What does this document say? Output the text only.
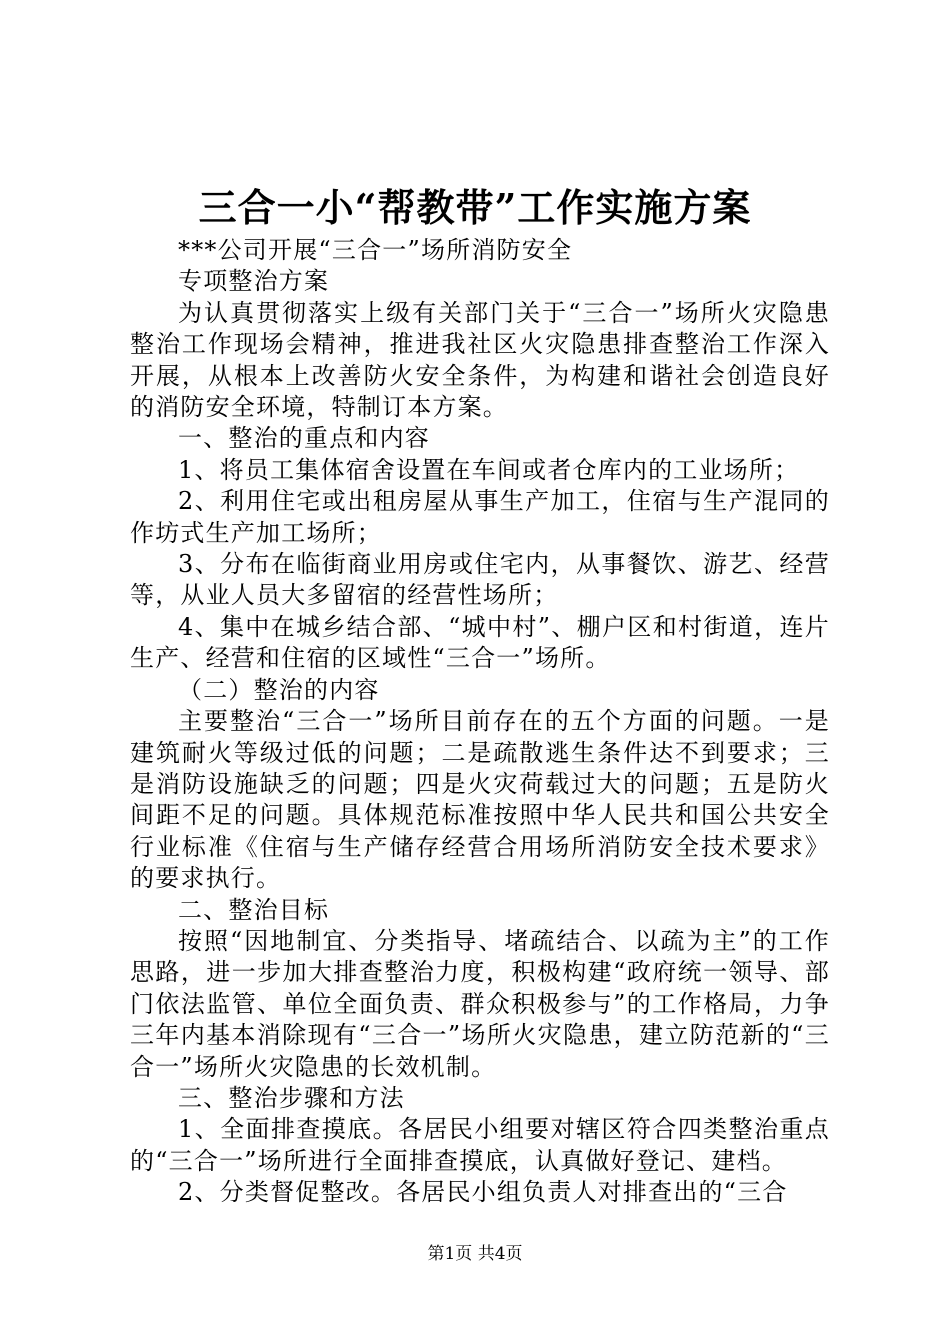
三合一小“帮教带”工作实施方案

***公司开展“三合一”场所消防安全

专项整治方案

为认真贯彻落实上级有关部门关于“三合一”场所火灾隐患整治工作现场会精神，推进我社区火灾隐患排查整治工作深入开展，从根本上改善防火安全条件，为构建和谐社会创造良好的消防安全环境，特制订本方案。

一、整治的重点和内容

1、将员工集体宿舍设置在车间或者仓库内的工业场所；

2、利用住宅或出租房屋从事生产加工，住宿与生产混同的作坊式生产加工场所；

3、分布在临街商业用房或住宅内，从事餐饮、游艺、经营等，从业人员大多留宿的经营性场所；

4、集中在城乡结合部、“城中村”、棚户区和村街道，连片生产、经营和住宿的区域性“三合一”场所。

（二）整治的内容

主要整治“三合一”场所目前存在的五个方面的问题。一是建筑耐火等级过低的问题；二是疏散逃生条件达不到要求；三是消防设施缺乏的问题；四是火灾荷载过大的问题；五是防火间距不足的问题。具体规范标准按照中华人民共和国公共安全行业标准《住宿与生产储存经营合用场所消防安全技术要求》的要求执行。

二、整治目标

按照“因地制宜、分类指导、堵疏结合、以疏为主”的工作思路，进一步加大排查整治力度，积极构建“政府统一领导、部门依法监管、单位全面负责、群众积极参与”的工作格局，力争三年内基本消除现有“三合一”场所火灾隐患，建立防范新的“三合一”场所火灾隐患的长效机制。

三、整治步骤和方法

1、全面排查摸底。各居民小组要对辖区符合四类整治重点的“三合一”场所进行全面排查摸底，认真做好登记、建档。

2、分类督促整改。各居民小组负责人对排查出的“三合

第1页 共4页
